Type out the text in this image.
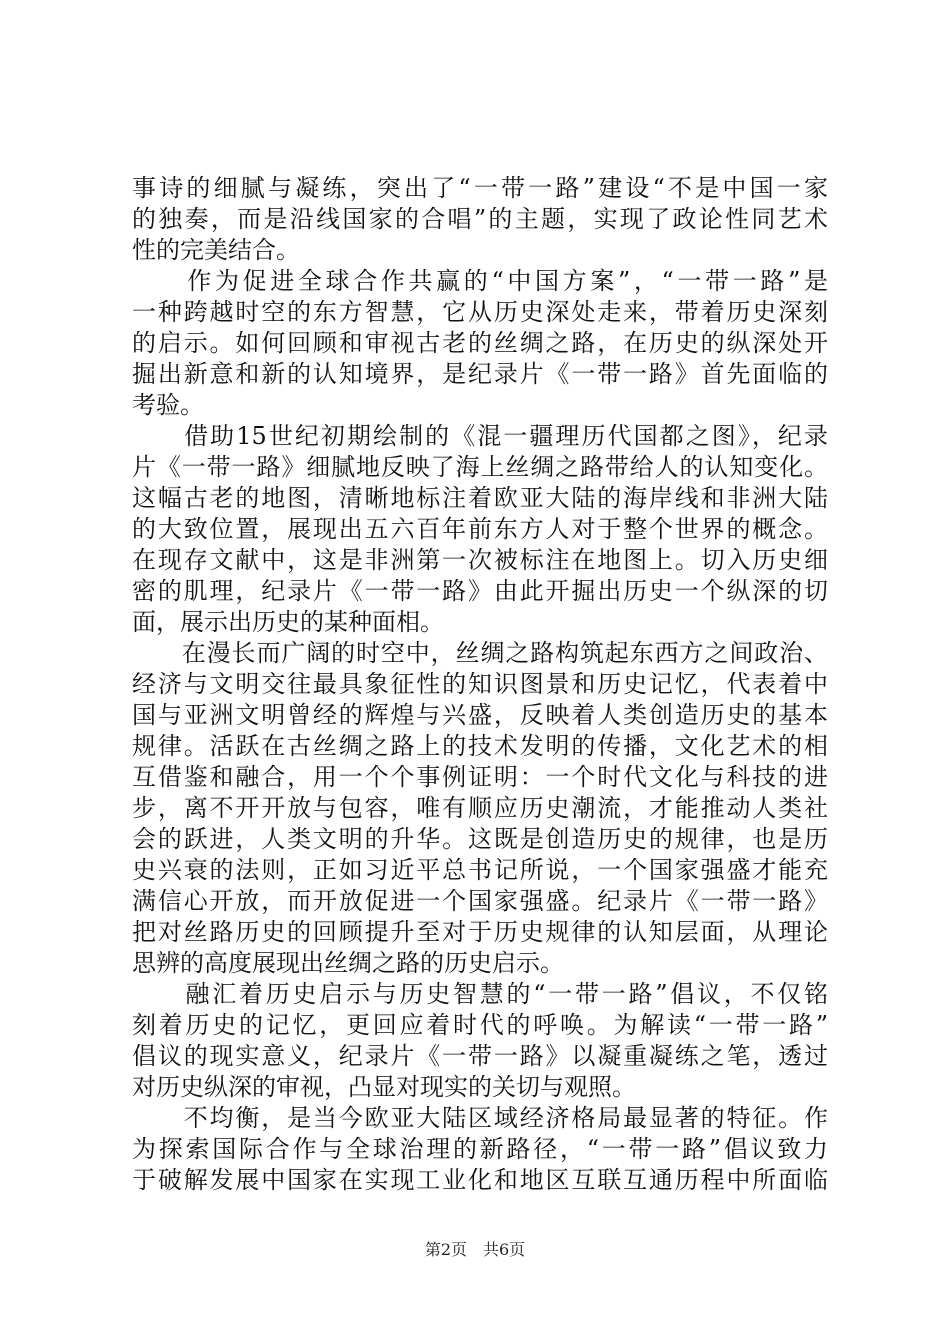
事诗的细腻与凝练，突出了“一带一路”建设“不是中国一家
的独奏，而是沿线国家的合唱”的主题，实现了政论性同艺术
性的完美结合。
　　作为促进全球合作共赢的“中国方案”，“一带一路”是
一种跨越时空的东方智慧，它从历史深处走来，带着历史深刻
的启示。如何回顾和审视古老的丝绸之路，在历史的纵深处开
掘出新意和新的认知境界，是纪录片《一带一路》首先面临的
考验。
　　借助15世纪初期绘制的《混一疆理历代国都之图》，纪录
片《一带一路》细腻地反映了海上丝绸之路带给人的认知变化。
这幅古老的地图，清晰地标注着欧亚大陆的海岸线和非洲大陆
的大致位置，展现出五六百年前东方人对于整个世界的概念。
在现存文献中，这是非洲第一次被标注在地图上。切入历史细
密的肌理，纪录片《一带一路》由此开掘出历史一个纵深的切
面，展示出历史的某种面相。
　　在漫长而广阔的时空中，丝绸之路构筑起东西方之间政治、
经济与文明交往最具象征性的知识图景和历史记忆，代表着中
国与亚洲文明曾经的辉煌与兴盛，反映着人类创造历史的基本
规律。活跃在古丝绸之路上的技术发明的传播，文化艺术的相
互借鉴和融合，用一个个事例证明：一个时代文化与科技的进
步，离不开开放与包容，唯有顺应历史潮流，才能推动人类社
会的跃进，人类文明的升华。这既是创造历史的规律，也是历
史兴衰的法则，正如习近平总书记所说，一个国家强盛才能充
满信心开放，而开放促进一个国家强盛。纪录片《一带一路》
把对丝路历史的回顾提升至对于历史规律的认知层面，从理论
思辨的高度展现出丝绸之路的历史启示。
　　融汇着历史启示与历史智慧的“一带一路”倡议，不仅铭
刻着历史的记忆，更回应着时代的呼唤。为解读“一带一路”
倡议的现实意义，纪录片《一带一路》以凝重凝练之笔，透过
对历史纵深的审视，凸显对现实的关切与观照。
　　不均衡，是当今欧亚大陆区域经济格局最显著的特征。作
为探索国际合作与全球治理的新路径，“一带一路”倡议致力
于破解发展中国家在实现工业化和地区互联互通历程中所面临
第2页　共6页
